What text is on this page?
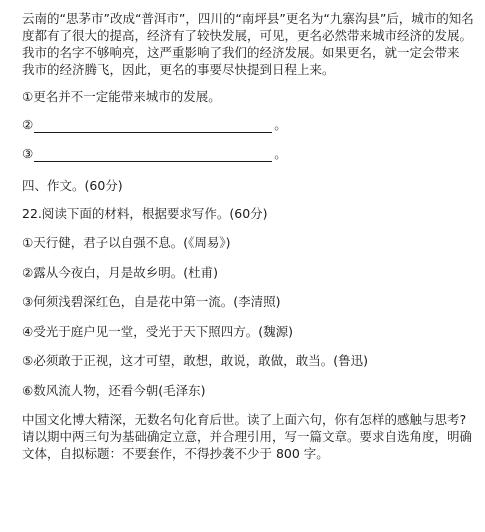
云南的“思茅市”改成“普洱市”，四川的“南坪县”更名为“九寨沟县”后，城市的知名
度都有了很大的提高，经济有了较快发展，可见，更名必然带来城市经济的发展。
我市的名字不够响亮，这严重影响了我们的经济发展。如果更名，就一定会带来
我市的经济腾飞，因此，更名的事要尽快提到日程上来。
①更名并不一定能带来城市的发展。
②	。
③	。
四、作文。(60分)
22.阅读下面的材料，根据要求写作。(60分)
①天行健，君子以自强不息。(《周易》)
②露从今夜白，月是故乡明。(杜甫)
③何须浅碧深红色，自是花中第一流。(李清照)
④受光于庭户见一堂，受光于天下照四方。(魏源)
⑤必须敢于正视，这才可望，敢想，敢说，敢做，敢当。(鲁迅)
⑥数风流人物，还看今朝(毛泽东)
中国文化博大精深，无数名句化育后世。读了上面六句，你有怎样的感触与思考?
请以期中两三句为基础确定立意，并合理引用，写一篇文章。要求自选角度，明确
文体，自拟标题：不要套作，不得抄袭不少于 800 字。
